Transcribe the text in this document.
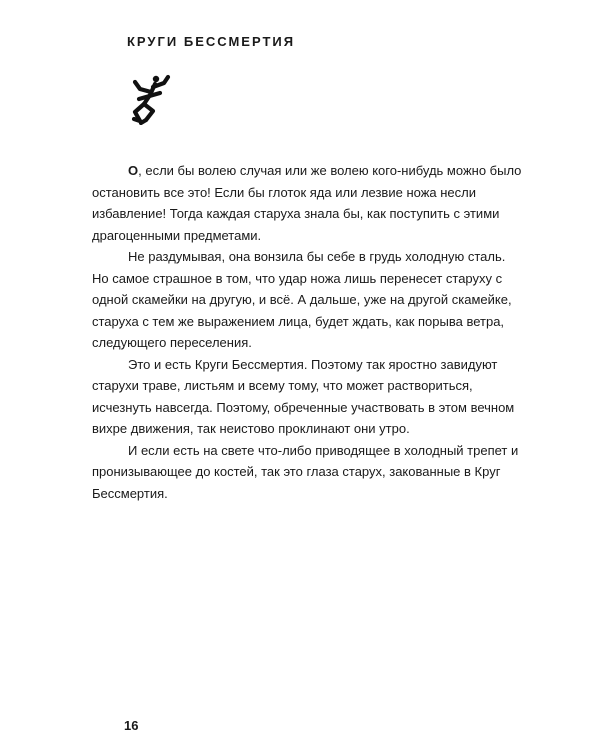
КРУГИ БЕССМЕРТИЯ

О, если бы волею случая или же волею кого-нибудь можно было остановить все это! Если бы глоток яда или лезвие ножа несли избавление! Тогда каждая старуха знала бы, как поступить с этими драгоценными предметами.

Не раздумывая, она вонзила бы себе в грудь холодную сталь. Но самое страшное в том, что удар ножа лишь перенесет старуху с одной скамейки на другую, и всё. А дальше, уже на другой скамейке, старуха с тем же выражением лица, будет ждать, как порыва ветра, следующего переселения.

Это и есть Круги Бессмертия. Поэтому так яростно завидуют старухи траве, листьям и всему тому, что может раствориться, исчезнуть навсегда. Поэтому, обреченные участвовать в этом вечном вихре движения, так неистово проклинают они утро.

И если есть на свете что-либо приводящее в холодный трепет и пронизывающее до костей, так это глаза старух, закованные в Круг Бессмертия.

16
